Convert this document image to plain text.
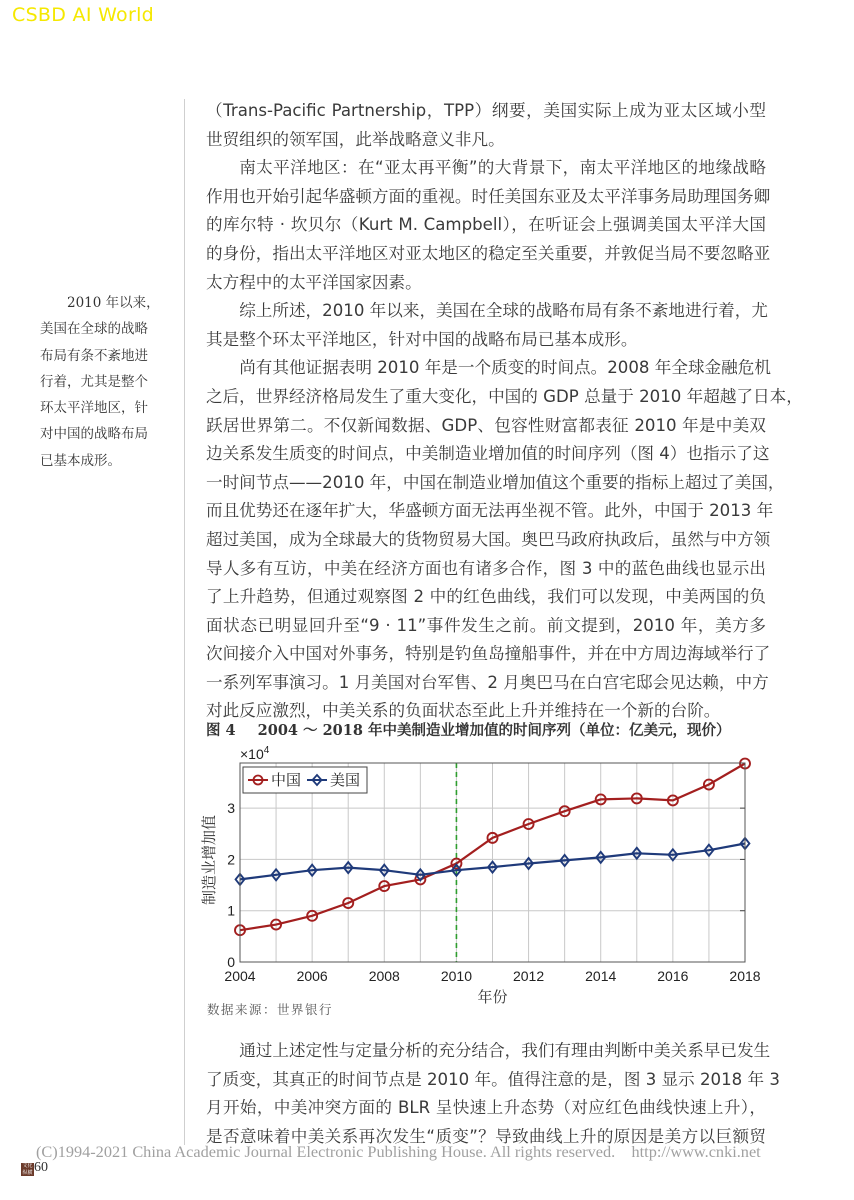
CSBD AI World
2010 年以来，
美国在全球的战略
布局有条不紊地进
行着，尤其是整个
环太平洋地区，针
对中国的战略布局
已基本成形。
（Trans-Pacific Partnership，TPP）纲要，美国实际上成为亚太区域小型
世贸组织的领军国，此举战略意义非凡。
南太平洋地区：在“亚太再平衡”的大背景下，南太平洋地区的地缘战略
作用也开始引起华盛顿方面的重视。时任美国东亚及太平洋事务局助理国务卿
的库尔特 · 坎贝尔（Kurt M. Campbell），在听证会上强调美国太平洋大国
的身份，指出太平洋地区对亚太地区的稳定至关重要，并敦促当局不要忽略亚
太方程中的太平洋国家因素。
综上所述，2010 年以来，美国在全球的战略布局有条不紊地进行着，尤
其是整个环太平洋地区，针对中国的战略布局已基本成形。
尚有其他证据表明 2010 年是一个质变的时间点。2008 年全球金融危机
之后，世界经济格局发生了重大变化，中国的 GDP 总量于 2010 年超越了日本，
跃居世界第二。不仅新闻数据、GDP、包容性财富都表征 2010 年是中美双
边关系发生质变的时间点，中美制造业增加值的时间序列（图 4）也指示了这
一时间节点——2010 年，中国在制造业增加值这个重要的指标上超过了美国，
而且优势还在逐年扩大，华盛顿方面无法再坐视不管。此外，中国于 2013 年
超过美国，成为全球最大的货物贸易大国。奥巴马政府执政后，虽然与中方领
导人多有互访，中美在经济方面也有诸多合作，图 3 中的蓝色曲线也显示出
了上升趋势，但通过观察图 2 中的红色曲线，我们可以发现，中美两国的负
面状态已明显回升至“9 · 11”事件发生之前。前文提到，2010 年，美方多
次间接介入中国对外事务，特别是钓鱼岛撞船事件，并在中方周边海域举行了
一系列军事演习。1 月美国对台军售、2 月奥巴马在白宫宅邸会见达赖，中方
对此反应激烈，中美关系的负面状态至此上升并维持在一个新的台阶。
图 4 2004 ～ 2018 年中美制造业增加值的时间序列（单位：亿美元，现价）
0
1
2
3
2004	2006	2008	2010	2012	2014	2016	2018
$\times 10^4$
制造业增加值
年份
中国 美国
数据来源：世界银行
通过上述定性与定量分析的充分结合，我们有理由判断中美关系早已发生
了质变，其真正的时间节点是 2010 年。值得注意的是，图 3 显示 2018 年 3
月开始，中美冲突方面的 BLR 呈快速上升态势（对应红色曲线快速上升），
是否意味着中美关系再次发生“质变”？导致曲线上升的原因是美方以巨额贸
文化纵横 60
(C)1994-2021 China Academic Journal Electronic Publishing House. All rights reserved.    http://www.cnki.net
